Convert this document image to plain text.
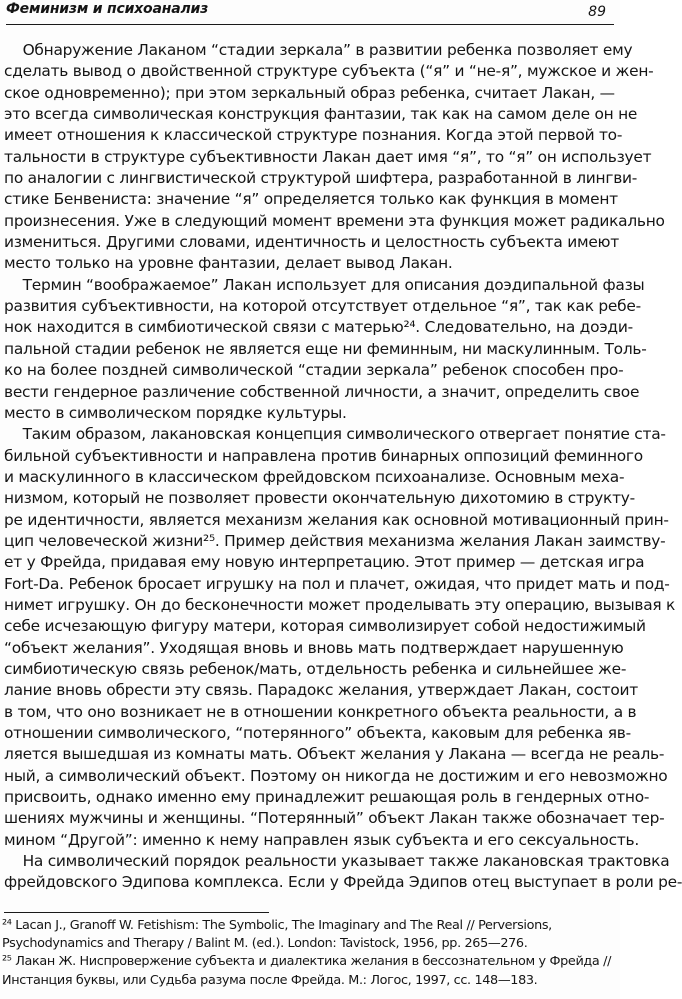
Феминизм и психоанализ	89
Обнаружение Лаканом “стадии зеркала” в развитии ребенка позволяет ему
сделать вывод о двойственной структуре субъекта (“я” и “не-я”, мужское и жен-
ское одновременно); при этом зеркальный образ ребенка, считает Лакан, —
это всегда символическая конструкция фантазии, так как на самом деле он не
имеет отношения к классической структуре познания. Когда этой первой то-
тальности в структуре субъективности Лакан дает имя “я”, то “я” он использует
по аналогии с лингвистической структурой шифтера, разработанной в лингви-
стике Бенвениста: значение “я” определяется только как функция в момент
произнесения. Уже в следующий момент времени эта функция может радикально
измениться. Другими словами, идентичность и целостность субъекта имеют
место только на уровне фантазии, делает вывод Лакан.
Термин “воображаемое” Лакан использует для описания доэдипальной фазы
развития субъективности, на которой отсутствует отдельное “я”, так как ребе-
нок находится в симбиотической связи с матерью²⁴. Следовательно, на доэди-
пальной стадии ребенок не является еще ни феминным, ни маскулинным. Толь-
ко на более поздней символической “стадии зеркала” ребенок способен про-
вести гендерное различение собственной личности, а значит, определить свое
место в символическом порядке культуры.
Таким образом, лакановская концепция символического отвергает понятие ста-
бильной субъективности и направлена против бинарных оппозиций феминного
и маскулинного в классическом фрейдовском психоанализе. Основным меха-
низмом, который не позволяет провести окончательную дихотомию в структу-
ре идентичности, является механизм желания как основной мотивационный прин-
цип человеческой жизни²⁵. Пример действия механизма желания Лакан заимству-
ет у Фрейда, придавая ему новую интерпретацию. Этот пример — детская игра
Fort-Da. Ребенок бросает игрушку на пол и плачет, ожидая, что придет мать и под-
нимет игрушку. Он до бесконечности может проделывать эту операцию, вызывая к
себе исчезающую фигуру матери, которая символизирует собой недостижимый
“объект желания”. Уходящая вновь и вновь мать подтверждает нарушенную
симбиотическую связь ребенок/мать, отдельность ребенка и сильнейшее же-
лание вновь обрести эту связь. Парадокс желания, утверждает Лакан, состоит
в том, что оно возникает не в отношении конкретного объекта реальности, а в
отношении символического, “потерянного” объекта, каковым для ребенка яв-
ляется вышедшая из комнаты мать. Объект желания у Лакана — всегда не реаль-
ный, а символический объект. Поэтому он никогда не достижим и его невозможно
присвоить, однако именно ему принадлежит решающая роль в гендерных отно-
шениях мужчины и женщины. “Потерянный” объект Лакан также обозначает тер-
мином “Другой”: именно к нему направлен язык субъекта и его сексуальность.
На символический порядок реальности указывает также лакановская трактовка
фрейдовского Эдипова комплекса. Если у Фрейда Эдипов отец выступает в роли ре-
²⁴ Lacan J., Granoff W. Fetishism: The Symbolic, The Imaginary and The Real // Perversions,
Psychodynamics and Therapy / Balint M. (ed.). London: Tavistock, 1956, pp. 265—276.
²⁵ Лакан Ж. Ниспровержение субъекта и диалектика желания в бессознательном у Фрейда //
Инстанция буквы, или Судьба разума после Фрейда. М.: Логос, 1997, сс. 148—183.
